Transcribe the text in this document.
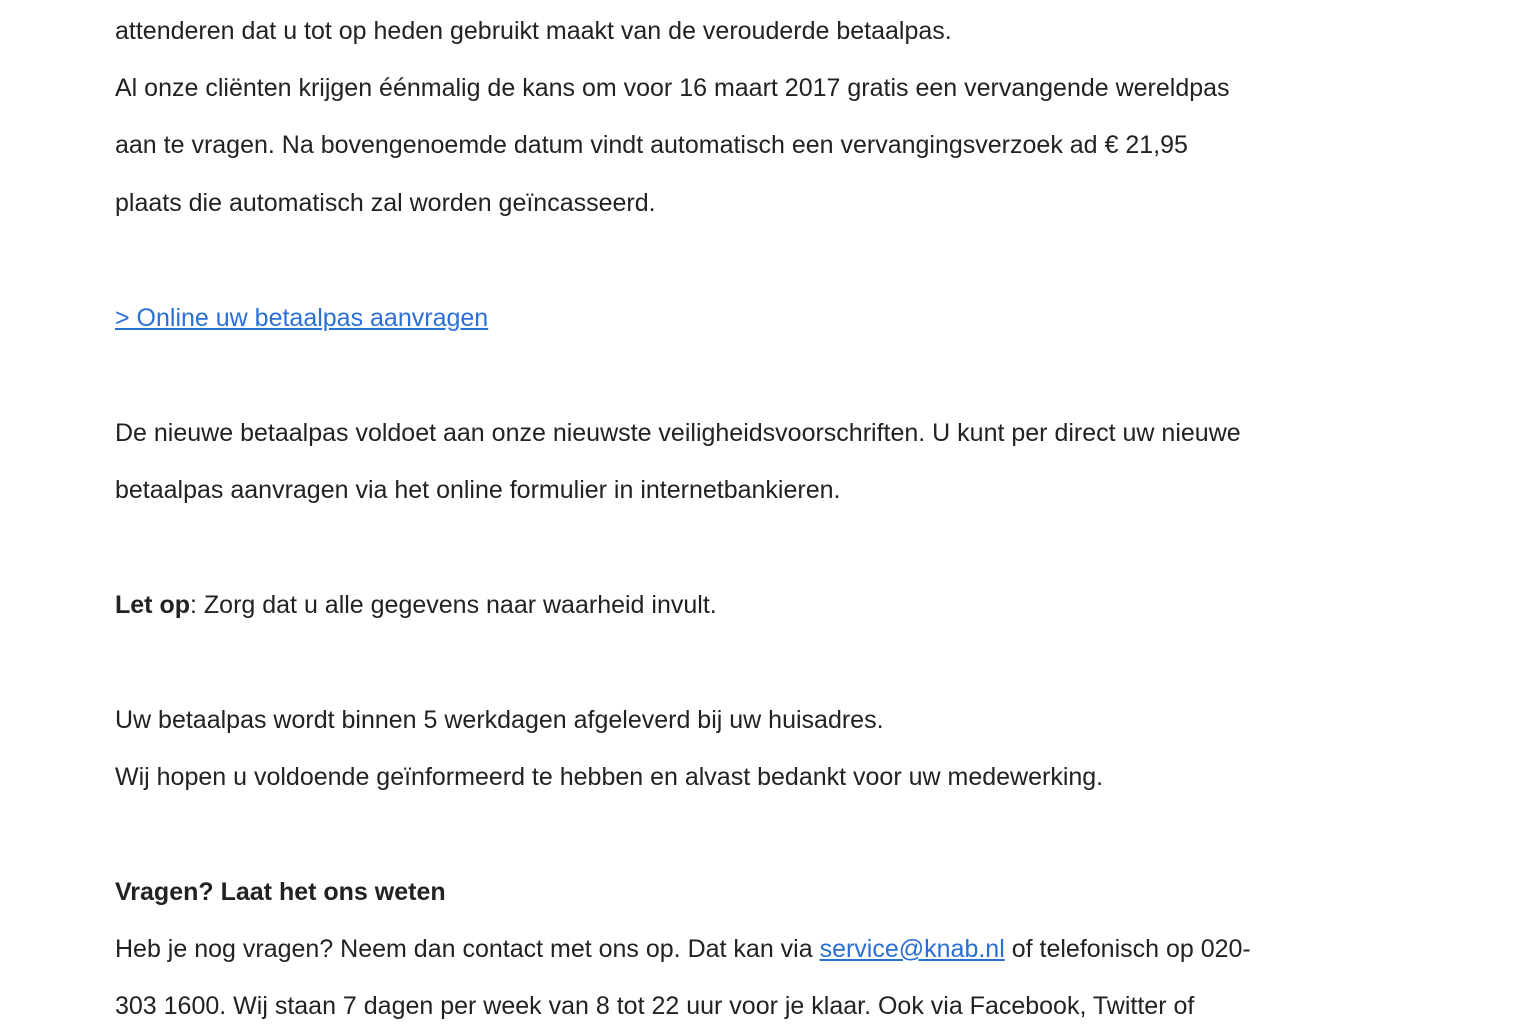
attenderen dat u tot op heden gebruikt maakt van de verouderde betaalpas.
Al onze cliënten krijgen éénmalig de kans om voor 16 maart 2017 gratis een vervangende wereldpas
aan te vragen. Na bovengenoemde datum vindt automatisch een vervangingsverzoek ad € 21,95
plaats die automatisch zal worden geïncasseerd.
> Online uw betaalpas aanvragen
De nieuwe betaalpas voldoet aan onze nieuwste veiligheidsvoorschriften. U kunt per direct uw nieuwe
betaalpas aanvragen via het online formulier in internetbankieren.
Let op: Zorg dat u alle gegevens naar waarheid invult.
Uw betaalpas wordt binnen 5 werkdagen afgeleverd bij uw huisadres.
Wij hopen u voldoende geïnformeerd te hebben en alvast bedankt voor uw medewerking.
Vragen? Laat het ons weten
Heb je nog vragen? Neem dan contact met ons op. Dat kan via service@knab.nl of telefonisch op 020-
303 1600. Wij staan 7 dagen per week van 8 tot 22 uur voor je klaar. Ook via Facebook, Twitter of
